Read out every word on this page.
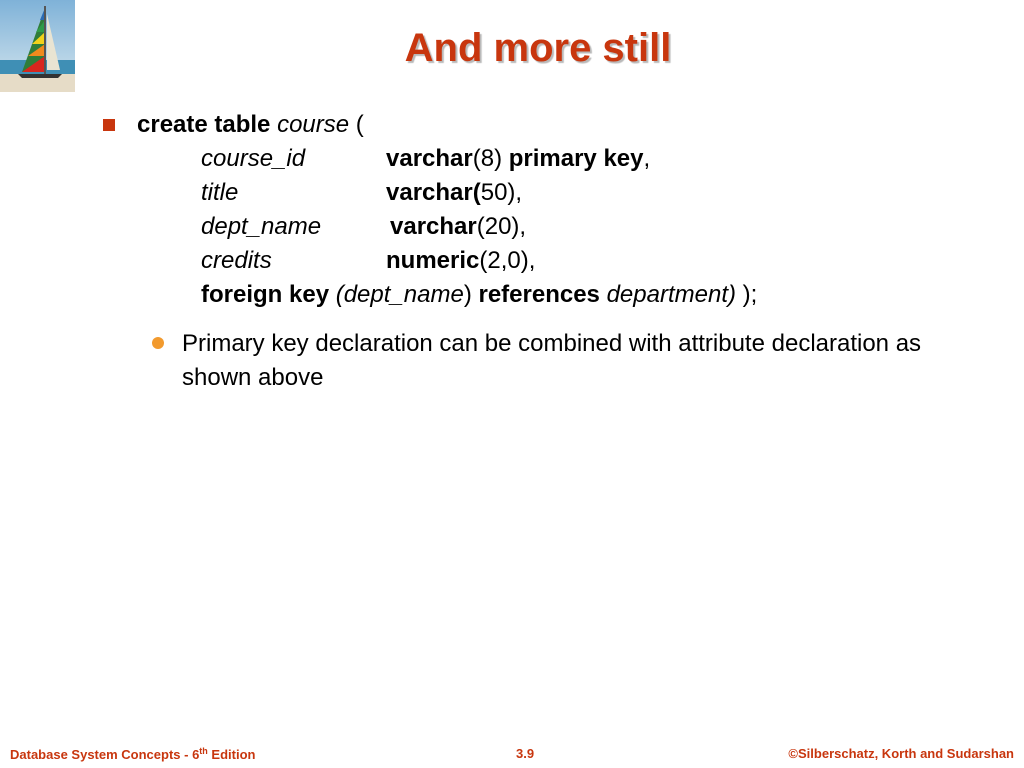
And more still
create table course (
course_id	varchar(8) primary key,
title	varchar(50),
dept_name	varchar(20),
credits	numeric(2,0),
foreign key (dept_name) references department) );
Primary key declaration can be combined with attribute declaration as shown above
Database System Concepts - 6th Edition	3.9	©Silberschatz, Korth and Sudarshan
